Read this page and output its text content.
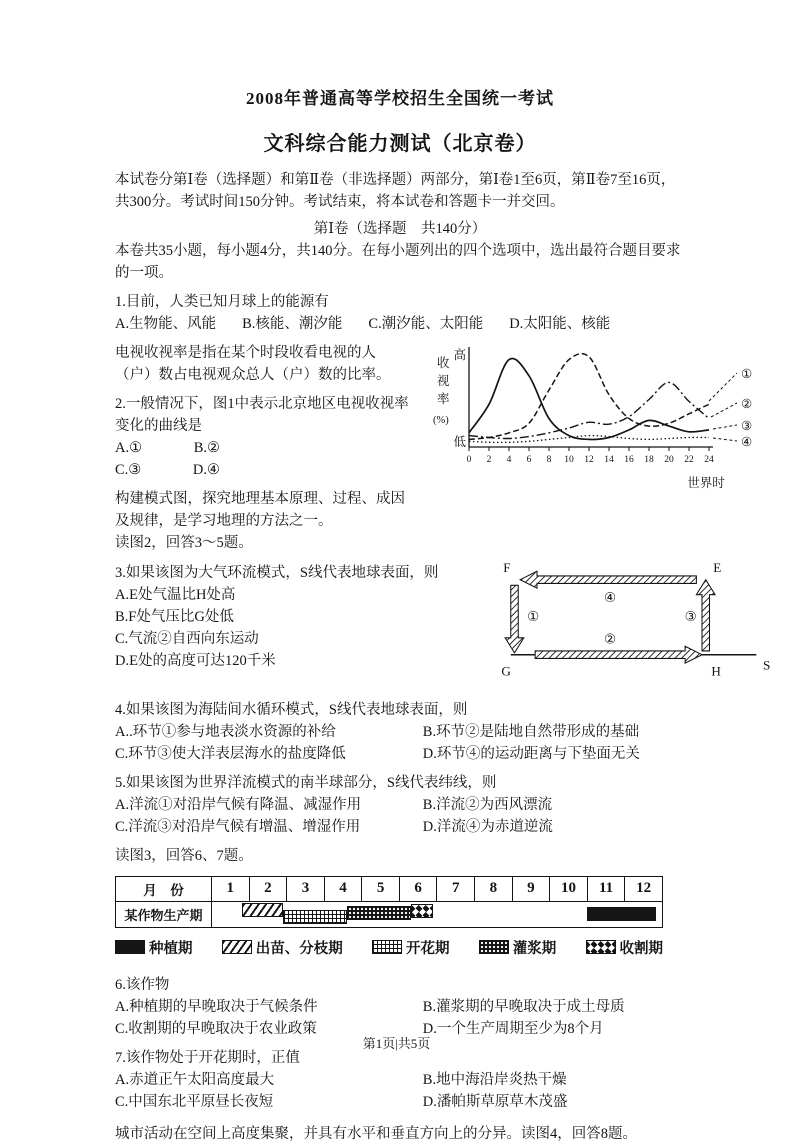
2008年普通高等学校招生全国统一考试
文科综合能力测试（北京卷）

本试卷分第Ⅰ卷（选择题）和第Ⅱ卷（非选择题）两部分，第Ⅰ卷1至6页，第Ⅱ卷7至16页，共300分。考试时间150分钟。考试结束，将本试卷和答题卡一并交回。

第Ⅰ卷（选择题　共140分）

本卷共35小题，每小题4分，共140分。在每小题列出的四个选项中，选出最符合题目要求的一项。

1.目前，人类已知月球上的能源有
A.生物能、风能 B.核能、潮汐能 C.潮汐能、太阳能 D.太阳能、核能
收
视
率
(%)
高
低
0 2 4 6 8 10 12 14 16 18 20 22 24
世界时
①
②
③
④

电视收视率是指在某个时段收看电视的人（户）数占电视观众总人（户）数的比率。

2.一般情况下，图1中表示北京地区电视收视率变化的曲线是
A.①	B.②
C.③	D.④

构建模式图，探究地理基本原理、过程、成因及规律，是学习地理的方法之一。

读图2，回答3～5题。

F	E
G	H	S
④
①	③
②
3.如果该图为大气环流模式，S线代表地球表面，则
A.E处气温比H处高
B.F处气压比G处低
C.气流②自西向东运动
D.E处的高度可达120千米
4.如果该图为海陆间水循环模式，S线代表地球表面，则
A..环节①参与地表淡水资源的补给	B.环节②是陆地自然带形成的基础
C.环节③使大洋表层海水的盐度降低	D.环节④的运动距离与下垫面无关
5.如果该图为世界洋流模式的南半球部分，S线代表纬线，则
A.洋流①对沿岸气候有降温、减湿作用	B.洋流②为西风漂流
C.洋流③对沿岸气候有增温、增湿作用	D.洋流④为赤道逆流

读图3，回答6、7题。

月　份	1	2	3	4	5	6	7	8	9	10	11	12
某作物生产期												
种植期	出苗、分枝期	开花期	灌浆期	收割期
6.该作物
A.种植期的早晚取决于气候条件	B.灌浆期的早晚取决于成土母质
C.收割期的早晚取决于农业政策	D.一个生产周期至少为8个月
7.该作物处于开花期时，正值
A.赤道正午太阳高度最大	B.地中海沿岸炎热干燥
C.中国东北平原昼长夜短	D.潘帕斯草原草木茂盛

城市活动在空间上高度集聚，并具有水平和垂直方向上的分异。读图4，回答8题。

第1页|共5页
